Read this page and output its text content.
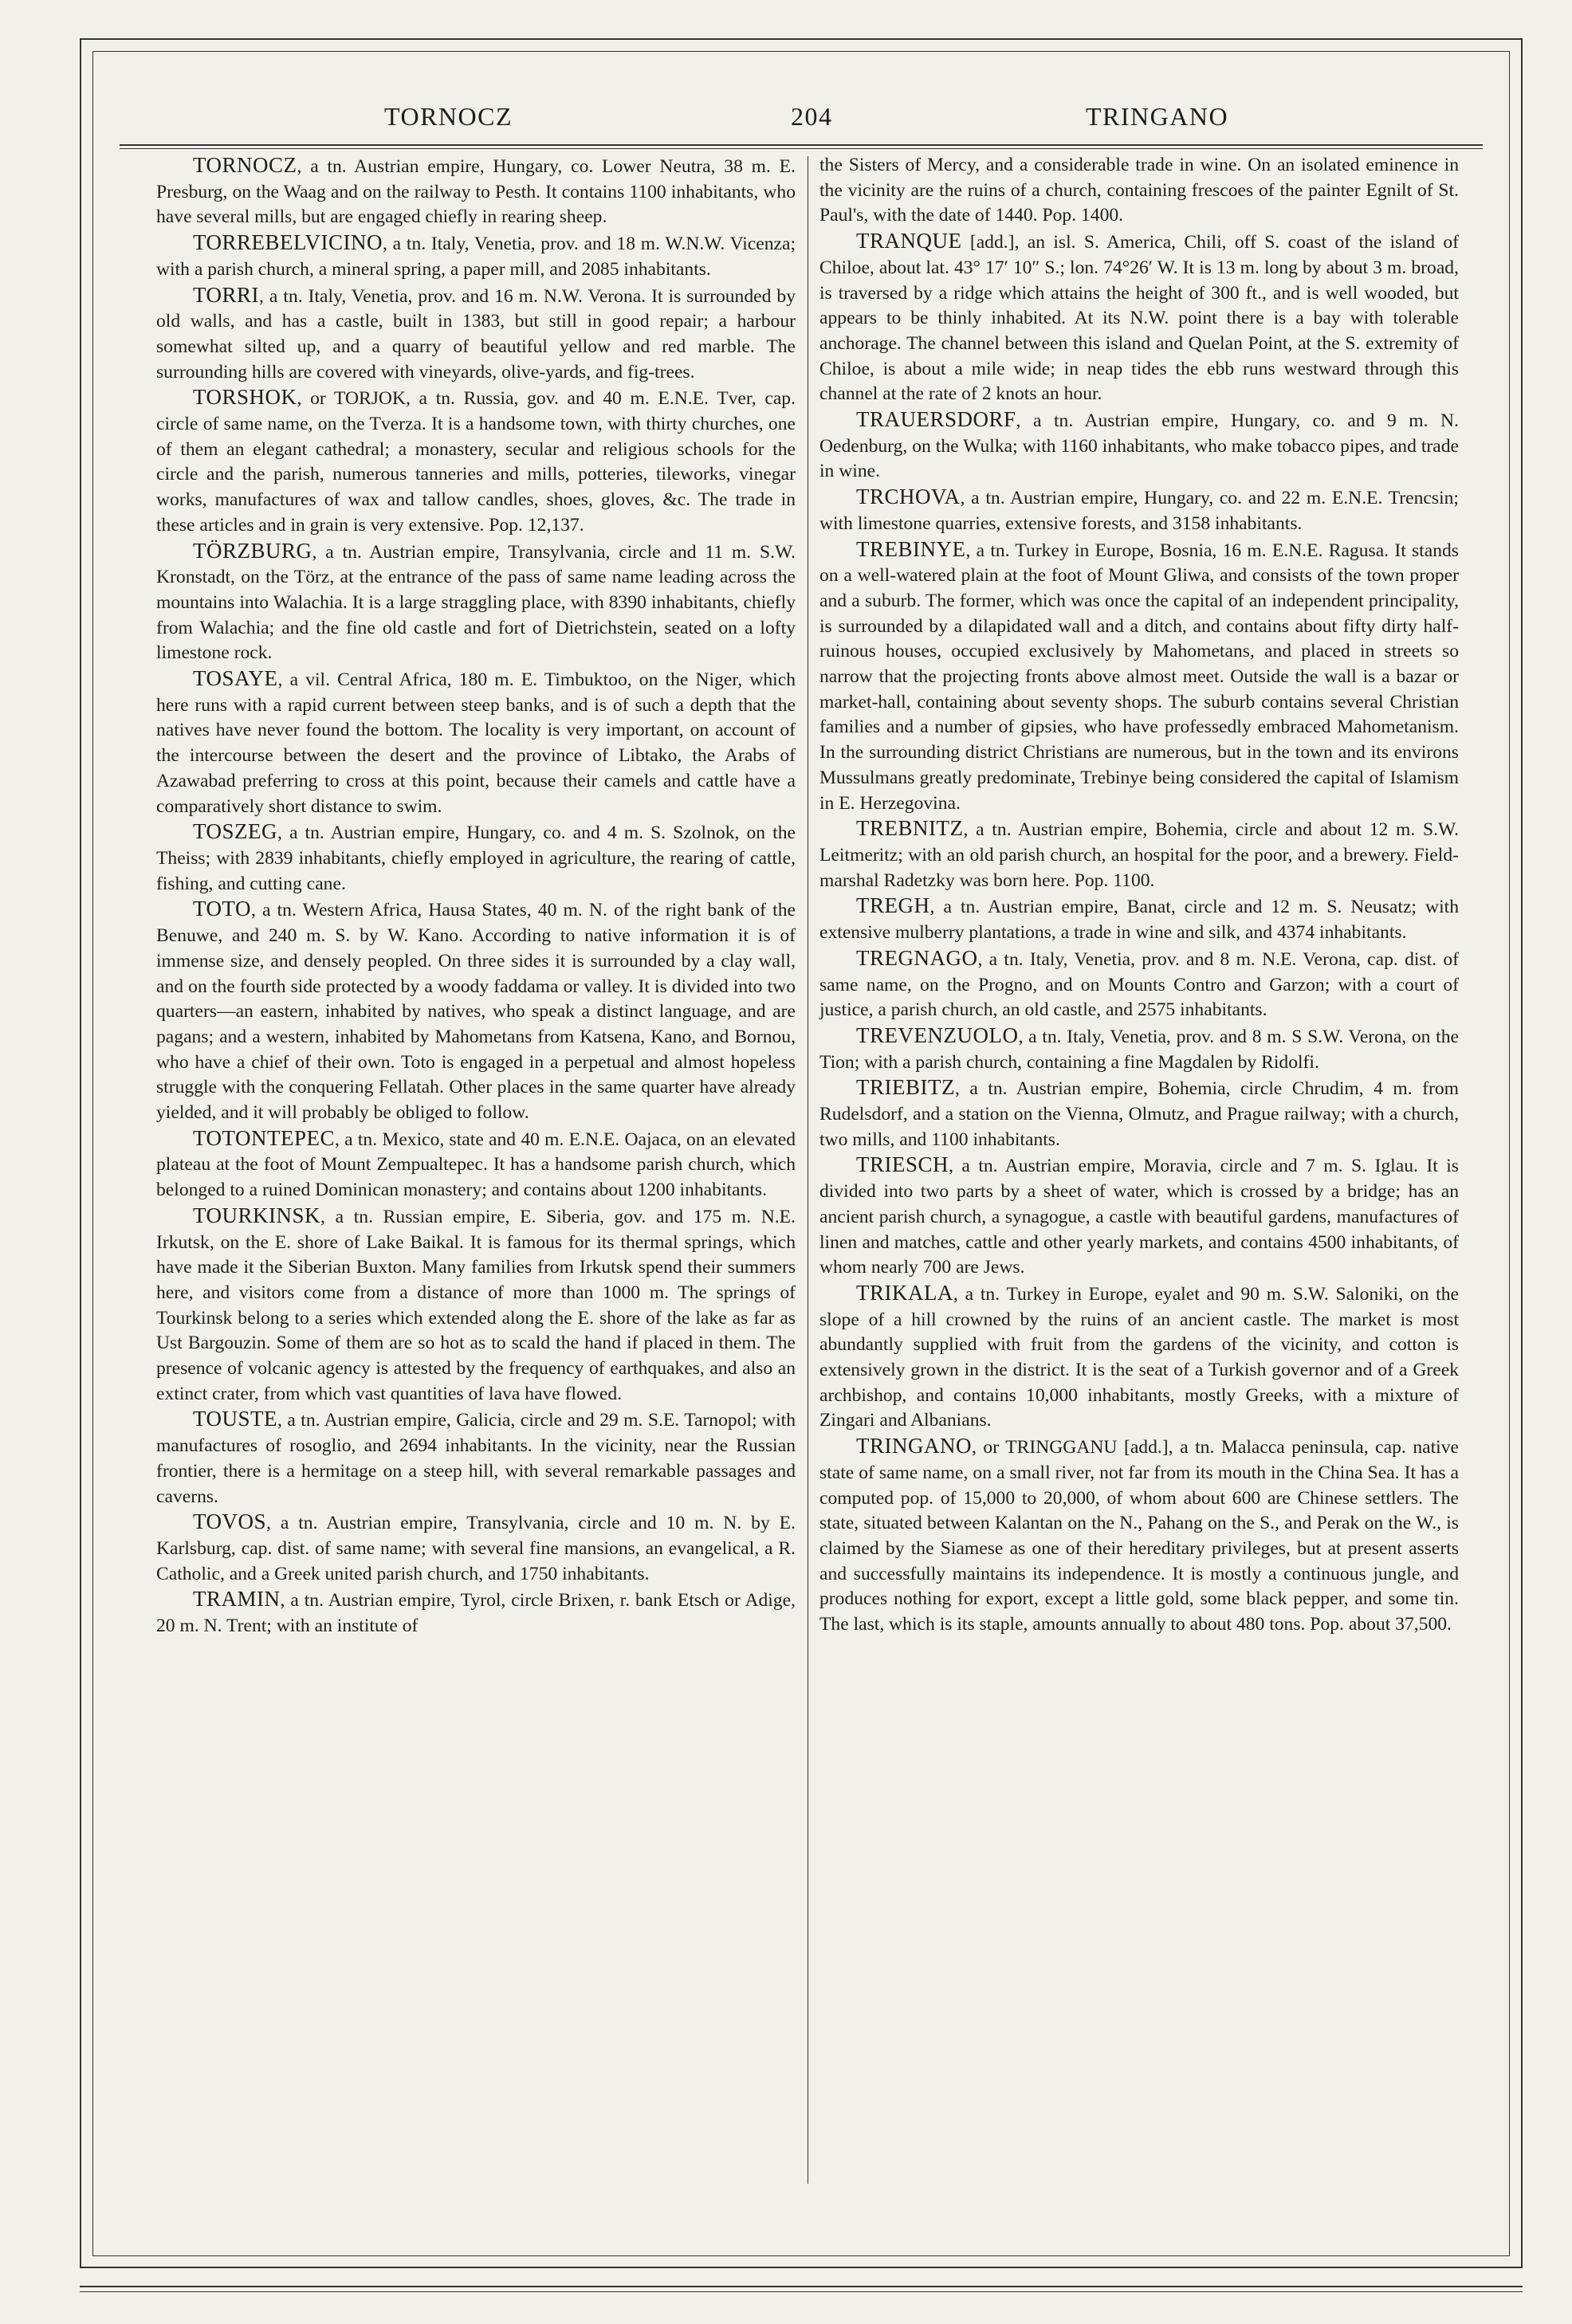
TORNOCZ	204	TRINGANO

TORNOCZ, a tn. Austrian empire, Hungary, co. Lower Neutra, 38 m. E. Presburg, on the Waag and on the railway to Pesth. It contains 1100 inhabitants, who have several mills, but are engaged chiefly in rearing sheep.

TORREBELVICINO, a tn. Italy, Venetia, prov. and 18 m. W.N.W. Vicenza; with a parish church, a mineral spring, a paper mill, and 2085 inhabitants.

TORRI, a tn. Italy, Venetia, prov. and 16 m. N.W. Verona. It is surrounded by old walls, and has a castle, built in 1383, but still in good repair; a harbour somewhat silted up, and a quarry of beautiful yellow and red marble. The surrounding hills are covered with vineyards, olive-yards, and fig-trees.

TORSHOK, or TORJOK, a tn. Russia, gov. and 40 m. E.N.E. Tver, cap. circle of same name, on the Tverza. It is a handsome town, with thirty churches, one of them an elegant cathedral; a monastery, secular and religious schools for the circle and the parish, numerous tanneries and mills, potteries, tileworks, vinegar works, manufactures of wax and tallow candles, shoes, gloves, &c. The trade in these articles and in grain is very extensive. Pop. 12,137.

TÖRZBURG, a tn. Austrian empire, Transylvania, circle and 11 m. S.W. Kronstadt, on the Törz, at the entrance of the pass of same name leading across the mountains into Walachia. It is a large straggling place, with 8390 inhabitants, chiefly from Walachia; and the fine old castle and fort of Dietrichstein, seated on a lofty limestone rock.

TOSAYE, a vil. Central Africa, 180 m. E. Timbuktoo, on the Niger, which here runs with a rapid current between steep banks, and is of such a depth that the natives have never found the bottom. The locality is very important, on account of the intercourse between the desert and the province of Libtako, the Arabs of Azawabad preferring to cross at this point, because their camels and cattle have a comparatively short distance to swim.

TOSZEG, a tn. Austrian empire, Hungary, co. and 4 m. S. Szolnok, on the Theiss; with 2839 inhabitants, chiefly employed in agriculture, the rearing of cattle, fishing, and cutting cane.

TOTO, a tn. Western Africa, Hausa States, 40 m. N. of the right bank of the Benuwe, and 240 m. S. by W. Kano. According to native information it is of immense size, and densely peopled. On three sides it is surrounded by a clay wall, and on the fourth side protected by a woody faddama or valley. It is divided into two quarters—an eastern, inhabited by natives, who speak a distinct language, and are pagans; and a western, inhabited by Mahometans from Katsena, Kano, and Bornou, who have a chief of their own. Toto is engaged in a perpetual and almost hopeless struggle with the conquering Fellatah. Other places in the same quarter have already yielded, and it will probably be obliged to follow.

TOTONTEPEC, a tn. Mexico, state and 40 m. E.N.E. Oajaca, on an elevated plateau at the foot of Mount Zempualtepec. It has a handsome parish church, which belonged to a ruined Dominican monastery; and contains about 1200 inhabitants.

TOURKINSK, a tn. Russian empire, E. Siberia, gov. and 175 m. N.E. Irkutsk, on the E. shore of Lake Baikal. It is famous for its thermal springs, which have made it the Siberian Buxton. Many families from Irkutsk spend their summers here, and visitors come from a distance of more than 1000 m. The springs of Tourkinsk belong to a series which extended along the E. shore of the lake as far as Ust Bargouzin. Some of them are so hot as to scald the hand if placed in them. The presence of volcanic agency is attested by the frequency of earthquakes, and also an extinct crater, from which vast quantities of lava have flowed.

TOUSTE, a tn. Austrian empire, Galicia, circle and 29 m. S.E. Tarnopol; with manufactures of rosoglio, and 2694 inhabitants. In the vicinity, near the Russian frontier, there is a hermitage on a steep hill, with several remarkable passages and caverns.

TOVOS, a tn. Austrian empire, Transylvania, circle and 10 m. N. by E. Karlsburg, cap. dist. of same name; with several fine mansions, an evangelical, a R. Catholic, and a Greek united parish church, and 1750 inhabitants.

TRAMIN, a tn. Austrian empire, Tyrol, circle Brixen, r. bank Etsch or Adige, 20 m. N. Trent; with an institute of

the Sisters of Mercy, and a considerable trade in wine. On an isolated eminence in the vicinity are the ruins of a church, containing frescoes of the painter Egnilt of St. Paul's, with the date of 1440. Pop. 1400.

TRANQUE [add.], an isl. S. America, Chili, off S. coast of the island of Chiloe, about lat. 43° 17′ 10″ S.; lon. 74°26′ W. It is 13 m. long by about 3 m. broad, is traversed by a ridge which attains the height of 300 ft., and is well wooded, but appears to be thinly inhabited. At its N.W. point there is a bay with tolerable anchorage. The channel between this island and Quelan Point, at the S. extremity of Chiloe, is about a mile wide; in neap tides the ebb runs westward through this channel at the rate of 2 knots an hour.

TRAUERSDORF, a tn. Austrian empire, Hungary, co. and 9 m. N. Oedenburg, on the Wulka; with 1160 inhabitants, who make tobacco pipes, and trade in wine.

TRCHOVA, a tn. Austrian empire, Hungary, co. and 22 m. E.N.E. Trencsin; with limestone quarries, extensive forests, and 3158 inhabitants.

TREBINYE, a tn. Turkey in Europe, Bosnia, 16 m. E.N.E. Ragusa. It stands on a well-watered plain at the foot of Mount Gliwa, and consists of the town proper and a suburb. The former, which was once the capital of an independent principality, is surrounded by a dilapidated wall and a ditch, and contains about fifty dirty half-ruinous houses, occupied exclusively by Mahometans, and placed in streets so narrow that the projecting fronts above almost meet. Outside the wall is a bazar or market-hall, containing about seventy shops. The suburb contains several Christian families and a number of gipsies, who have professedly embraced Mahometanism. In the surrounding district Christians are numerous, but in the town and its environs Mussulmans greatly predominate, Trebinye being considered the capital of Islamism in E. Herzegovina.

TREBNITZ, a tn. Austrian empire, Bohemia, circle and about 12 m. S.W. Leitmeritz; with an old parish church, an hospital for the poor, and a brewery. Field-marshal Radetzky was born here. Pop. 1100.

TREGH, a tn. Austrian empire, Banat, circle and 12 m. S. Neusatz; with extensive mulberry plantations, a trade in wine and silk, and 4374 inhabitants.

TREGNAGO, a tn. Italy, Venetia, prov. and 8 m. N.E. Verona, cap. dist. of same name, on the Progno, and on Mounts Contro and Garzon; with a court of justice, a parish church, an old castle, and 2575 inhabitants.

TREVENZUOLO, a tn. Italy, Venetia, prov. and 8 m. S S.W. Verona, on the Tion; with a parish church, containing a fine Magdalen by Ridolfi.

TRIEBITZ, a tn. Austrian empire, Bohemia, circle Chrudim, 4 m. from Rudelsdorf, and a station on the Vienna, Olmutz, and Prague railway; with a church, two mills, and 1100 inhabitants.

TRIESCH, a tn. Austrian empire, Moravia, circle and 7 m. S. Iglau. It is divided into two parts by a sheet of water, which is crossed by a bridge; has an ancient parish church, a synagogue, a castle with beautiful gardens, manufactures of linen and matches, cattle and other yearly markets, and contains 4500 inhabitants, of whom nearly 700 are Jews.

TRIKALA, a tn. Turkey in Europe, eyalet and 90 m. S.W. Saloniki, on the slope of a hill crowned by the ruins of an ancient castle. The market is most abundantly supplied with fruit from the gardens of the vicinity, and cotton is extensively grown in the district. It is the seat of a Turkish governor and of a Greek archbishop, and contains 10,000 inhabitants, mostly Greeks, with a mixture of Zingari and Albanians.

TRINGANO, or TRINGGANU [add.], a tn. Malacca peninsula, cap. native state of same name, on a small river, not far from its mouth in the China Sea. It has a computed pop. of 15,000 to 20,000, of whom about 600 are Chinese settlers. The state, situated between Kalantan on the N., Pahang on the S., and Perak on the W., is claimed by the Siamese as one of their hereditary privileges, but at present asserts and successfully maintains its independence. It is mostly a continuous jungle, and produces nothing for export, except a little gold, some black pepper, and some tin. The last, which is its staple, amounts annually to about 480 tons. Pop. about 37,500.
